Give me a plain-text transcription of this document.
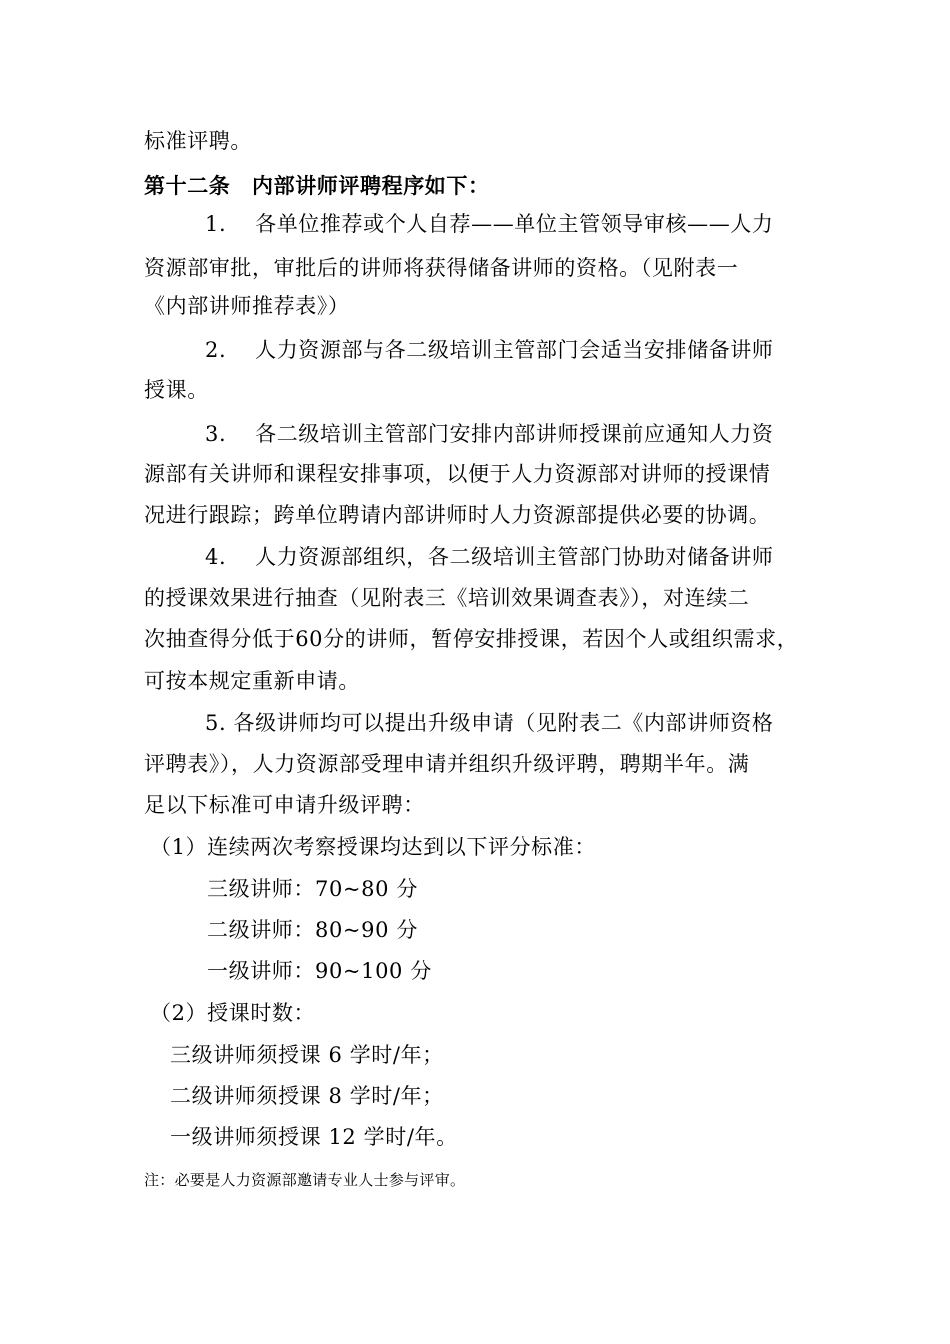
标准评聘。
第十二条　内部讲师评聘程序如下：
1.　 各单位推荐或个人自荐——单位主管领导审核——人力
资源部审批，审批后的讲师将获得储备讲师的资格。（见附表一
《内部讲师推荐表》）
2.　 人力资源部与各二级培训主管部门会适当安排储备讲师
授课。
3.　 各二级培训主管部门安排内部讲师授课前应通知人力资
源部有关讲师和课程安排事项，以便于人力资源部对讲师的授课情
况进行跟踪；跨单位聘请内部讲师时人力资源部提供必要的协调。
4.　 人力资源部组织，各二级培训主管部门协助对储备讲师
的授课效果进行抽查（见附表三《培训效果调查表》），对连续二
次抽查得分低于60分的讲师，暂停安排授课，若因个人或组织需求，
可按本规定重新申请。
5. 各级讲师均可以提出升级申请（见附表二《内部讲师资格
评聘表》），人力资源部受理申请并组织升级评聘，聘期半年。满
足以下标准可申请升级评聘：
（1）连续两次考察授课均达到以下评分标准：
三级讲师：70~80 分
二级讲师：80~90 分
一级讲师：90~100 分
（2）授课时数：
三级讲师须授课 6 学时/年；
二级讲师须授课 8 学时/年；
一级讲师须授课 12 学时/年。
注：必要是人力资源部邀请专业人士参与评审。
